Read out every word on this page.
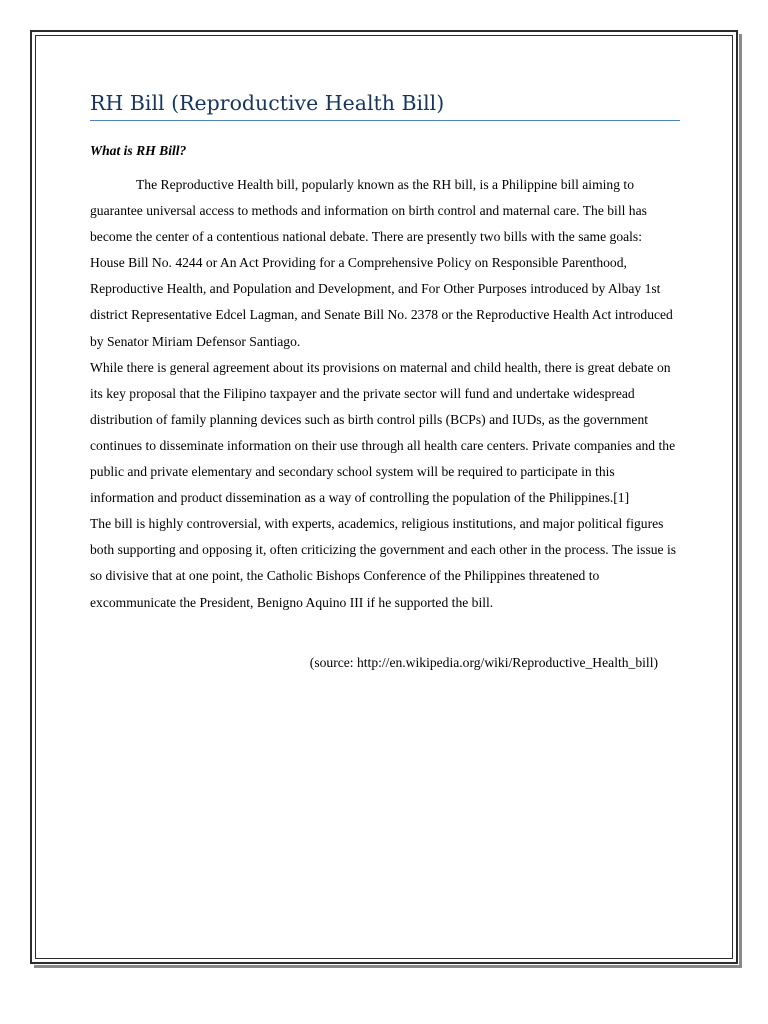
RH Bill (Reproductive Health Bill)

What is RH Bill?

The Reproductive Health bill, popularly known as the RH bill, is a Philippine bill aiming to guarantee universal access to methods and information on birth control and maternal care. The bill has become the center of a contentious national debate. There are presently two bills with the same goals: House Bill No. 4244 or An Act Providing for a Comprehensive Policy on Responsible Parenthood, Reproductive Health, and Population and Development, and For Other Purposes introduced by Albay 1st district Representative Edcel Lagman, and Senate Bill No. 2378 or the Reproductive Health Act introduced by Senator Miriam Defensor Santiago.

While there is general agreement about its provisions on maternal and child health, there is great debate on its key proposal that the Filipino taxpayer and the private sector will fund and undertake widespread distribution of family planning devices such as birth control pills (BCPs) and IUDs, as the government continues to disseminate information on their use through all health care centers. Private companies and the public and private elementary and secondary school system will be required to participate in this information and product dissemination as a way of controlling the population of the Philippines.[1]

The bill is highly controversial, with experts, academics, religious institutions, and major political figures both supporting and opposing it, often criticizing the government and each other in the process. The issue is so divisive that at one point, the Catholic Bishops Conference of the Philippines threatened to excommunicate the President, Benigno Aquino III if he supported the bill.

(source: http://en.wikipedia.org/wiki/Reproductive_Health_bill)
